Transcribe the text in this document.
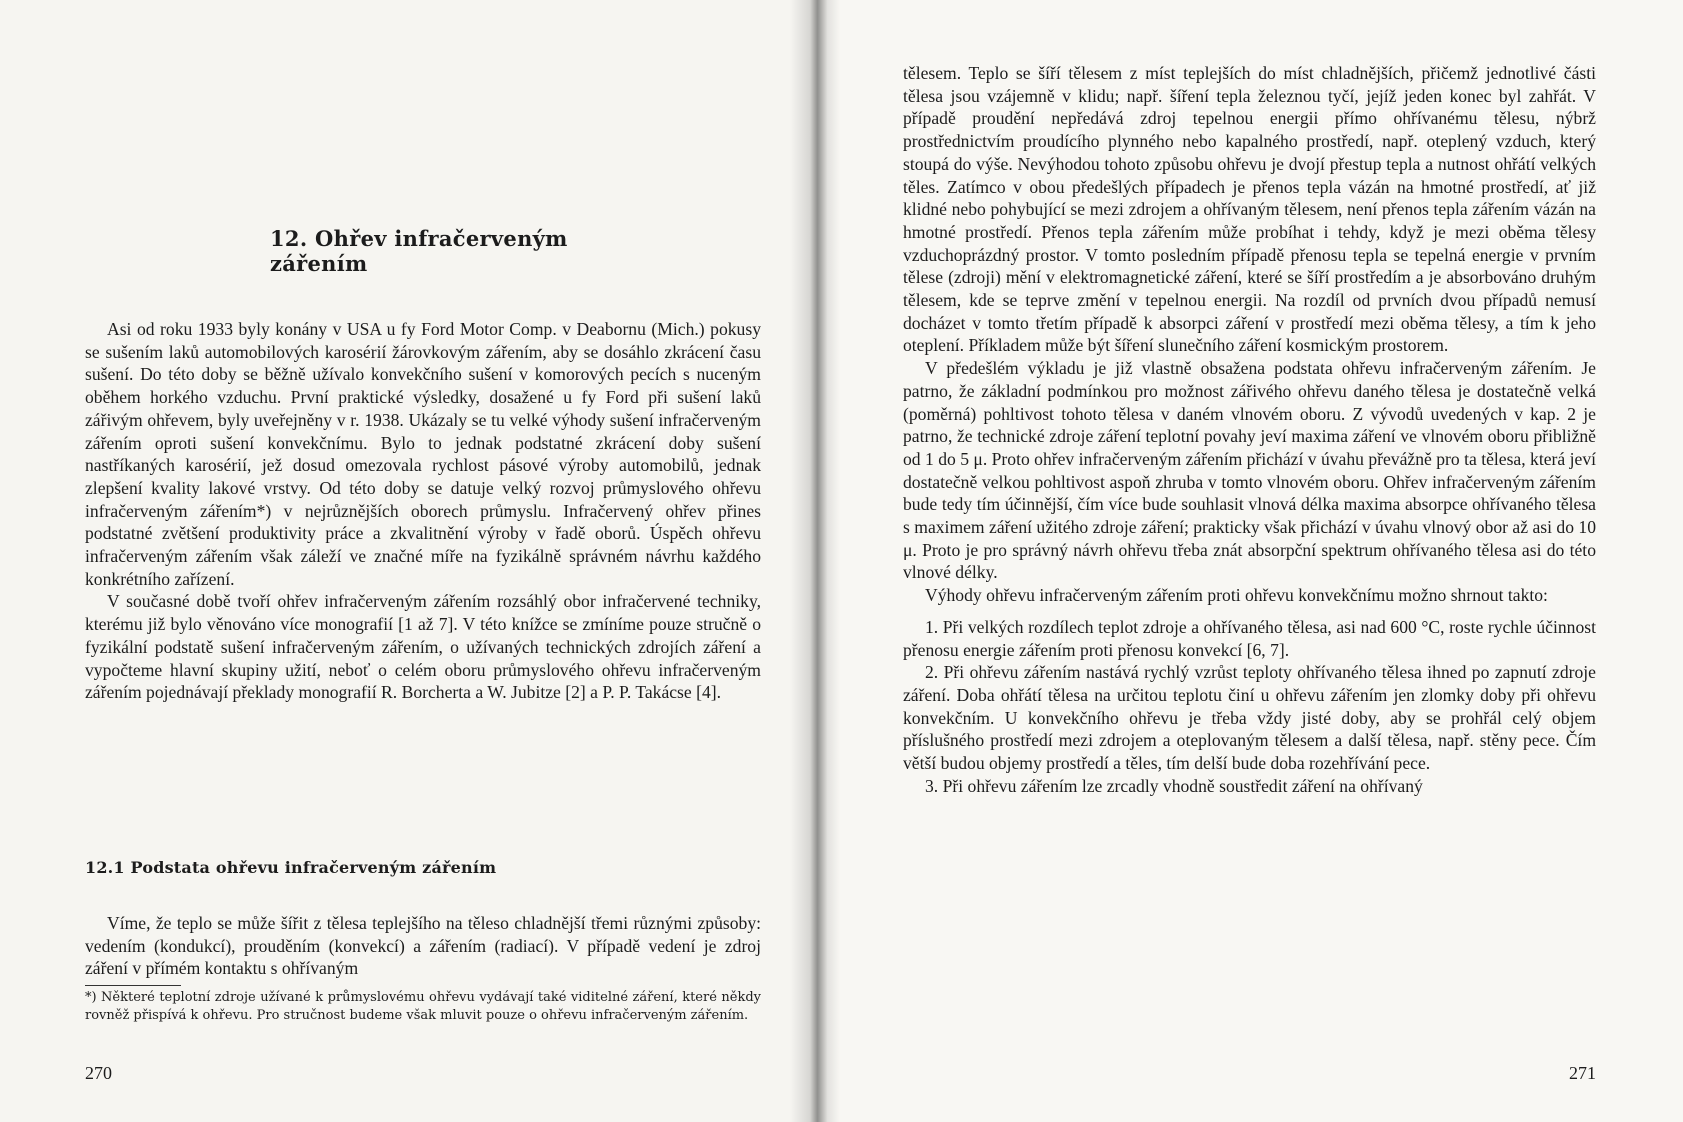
12. Ohřev infračerveným zářením

Asi od roku 1933 byly konány v USA u fy Ford Motor Comp. v Deabornu (Mich.) pokusy se sušením laků automobilových karosérií žárovkovým zářením, aby se dosáhlo zkrácení času sušení. Do této doby se běžně užívalo konvekčního sušení v komorových pecích s nuceným oběhem horkého vzduchu. První praktické výsledky, dosažené u fy Ford při sušení laků zářivým ohřevem, byly uveřejněny v r. 1938. Ukázaly se tu velké výhody sušení infračerveným zářením oproti sušení konvekčnímu. Bylo to jednak podstatné zkrácení doby sušení nastříkaných karosérií, jež dosud omezovala rychlost pásové výroby automobilů, jednak zlepšení kvality lakové vrstvy. Od této doby se datuje velký rozvoj průmyslového ohřevu infračerveným zářením*) v nejrůznějších oborech průmyslu. Infračervený ohřev přines podstatné zvětšení produktivity práce a zkvalitnění výroby v řadě oborů. Úspěch ohřevu infračerveným zářením však záleží ve značné míře na fyzikálně správném návrhu každého konkrétního zařízení.

V současné době tvoří ohřev infračerveným zářením rozsáhlý obor infračervené techniky, kterému již bylo věnováno více monografií [1 až 7]. V této knížce se zmíníme pouze stručně o fyzikální podstatě sušení infračerveným zářením, o užívaných technických zdrojích záření a vypočteme hlavní skupiny užití, neboť o celém oboru průmyslového ohřevu infračerveným zářením pojednávají překlady monografií R. Borcherta a W. Jubitze [2] a P. P. Takácse [4].

12.1 Podstata ohřevu infračerveným zářením

Víme, že teplo se může šířit z tělesa teplejšího na těleso chladnější třemi různými způsoby: vedením (kondukcí), prouděním (konvekcí) a zářením (radiací). V případě vedení je zdroj záření v přímém kontaktu s ohřívaným

*) Některé teplotní zdroje užívané k průmyslovému ohřevu vydávají také viditelné záření, které někdy rovněž přispívá k ohřevu. Pro stručnost budeme však mluvit pouze o ohřevu infračerveným zářením.
270

tělesem. Teplo se šíří tělesem z míst teplejších do míst chladnějších, přičemž jednotlivé části tělesa jsou vzájemně v klidu; např. šíření tepla železnou tyčí, jejíž jeden konec byl zahřát. V případě proudění nepředává zdroj tepelnou energii přímo ohřívanému tělesu, nýbrž prostřednictvím proudícího plynného nebo kapalného prostředí, např. oteplený vzduch, který stoupá do výše. Nevýhodou tohoto způsobu ohřevu je dvojí přestup tepla a nutnost ohřátí velkých těles. Zatímco v obou předešlých případech je přenos tepla vázán na hmotné prostředí, ať již klidné nebo pohybující se mezi zdrojem a ohřívaným tělesem, není přenos tepla zářením vázán na hmotné prostředí. Přenos tepla zářením může probíhat i tehdy, když je mezi oběma tělesy vzduchoprázdný prostor. V tomto posledním případě přenosu tepla se tepelná energie v prvním tělese (zdroji) mění v elektromagnetické záření, které se šíří prostředím a je absorbováno druhým tělesem, kde se teprve změní v tepelnou energii. Na rozdíl od prvních dvou případů nemusí docházet v tomto třetím případě k absorpci záření v prostředí mezi oběma tělesy, a tím k jeho oteplení. Příkladem může být šíření slunečního záření kosmickým prostorem.

V předešlém výkladu je již vlastně obsažena podstata ohřevu infračerveným zářením. Je patrno, že základní podmínkou pro možnost zářivého ohřevu daného tělesa je dostatečně velká (poměrná) pohltivost tohoto tělesa v daném vlnovém oboru. Z vývodů uvedených v kap. 2 je patrno, že technické zdroje záření teplotní povahy jeví maxima záření ve vlnovém oboru přibližně od 1 do 5 μ. Proto ohřev infračerveným zářením přichází v úvahu převážně pro ta tělesa, která jeví dostatečně velkou pohltivost aspoň zhruba v tomto vlnovém oboru. Ohřev infračerveným zářením bude tedy tím účinnější, čím více bude souhlasit vlnová délka maxima absorpce ohřívaného tělesa s maximem záření užitého zdroje záření; prakticky však přichází v úvahu vlnový obor až asi do 10 μ. Proto je pro správný návrh ohřevu třeba znát absorpční spektrum ohřívaného tělesa asi do této vlnové délky.

Výhody ohřevu infračerveným zářením proti ohřevu konvekčnímu možno shrnout takto:

1. Při velkých rozdílech teplot zdroje a ohřívaného tělesa, asi nad 600 °C, roste rychle účinnost přenosu energie zářením proti přenosu konvekcí [6, 7].

2. Při ohřevu zářením nastává rychlý vzrůst teploty ohřívaného tělesa ihned po zapnutí zdroje záření. Doba ohřátí tělesa na určitou teplotu činí u ohřevu zářením jen zlomky doby při ohřevu konvekčním. U konvekčního ohřevu je třeba vždy jisté doby, aby se prohřál celý objem příslušného prostředí mezi zdrojem a oteplovaným tělesem a další tělesa, např. stěny pece. Čím větší budou objemy prostředí a těles, tím delší bude doba rozehřívání pece.

3. Při ohřevu zářením lze zrcadly vhodně soustředit záření na ohřívaný

271
